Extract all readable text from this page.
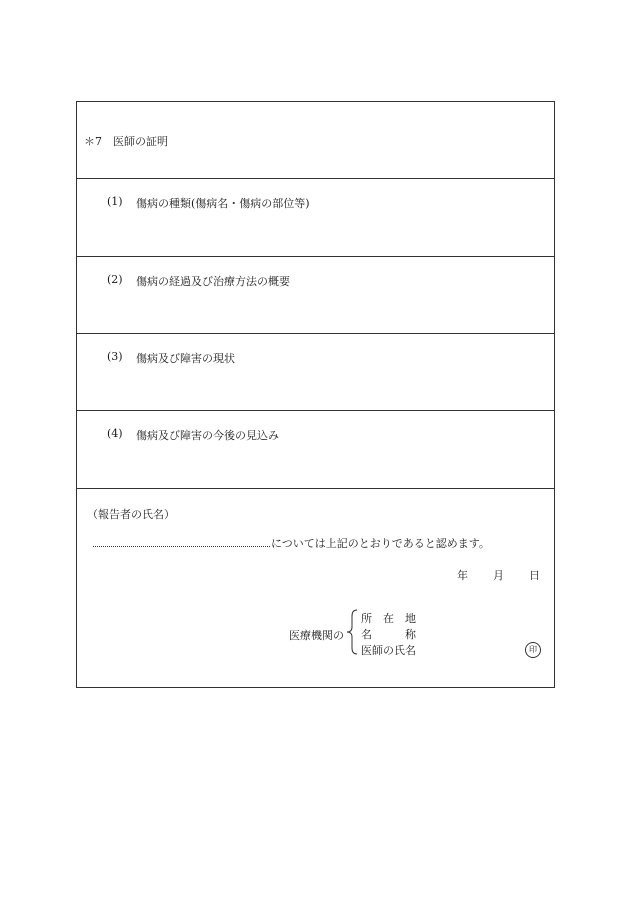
＊7　医師の証明
(1) 傷病の種類(傷病名・傷病の部位等)
(2) 傷病の経過及び治療方法の概要
(3) 傷病及び障害の現状
(4) 傷病及び障害の今後の見込み
（報告者の氏名）
については上記のとおりであると認めます。
年 月 日
医療機関の
所　在　地
名　　　称
医師の氏名	印
